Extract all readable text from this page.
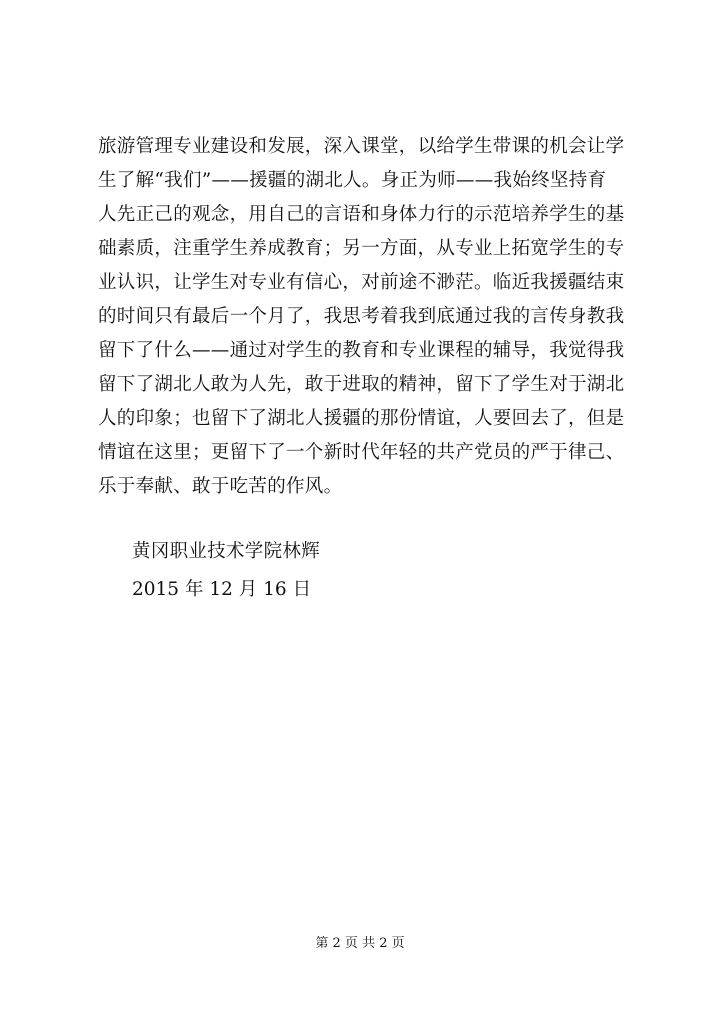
旅游管理专业建设和发展，深入课堂，以给学生带课的机会让学
生了解“我们”——援疆的湖北人。身正为师——我始终坚持育
人先正己的观念，用自己的言语和身体力行的示范培养学生的基
础素质，注重学生养成教育；另一方面，从专业上拓宽学生的专
业认识，让学生对专业有信心，对前途不渺茫。临近我援疆结束
的时间只有最后一个月了，我思考着我到底通过我的言传身教我
留下了什么——通过对学生的教育和专业课程的辅导，我觉得我
留下了湖北人敢为人先，敢于进取的精神，留下了学生对于湖北
人的印象；也留下了湖北人援疆的那份情谊，人要回去了，但是
情谊在这里；更留下了一个新时代年轻的共产党员的严于律己、
乐于奉献、敢于吃苦的作风。
黄冈职业技术学院林辉
2015 年 12 月 16 日
第 2 页 共 2 页
